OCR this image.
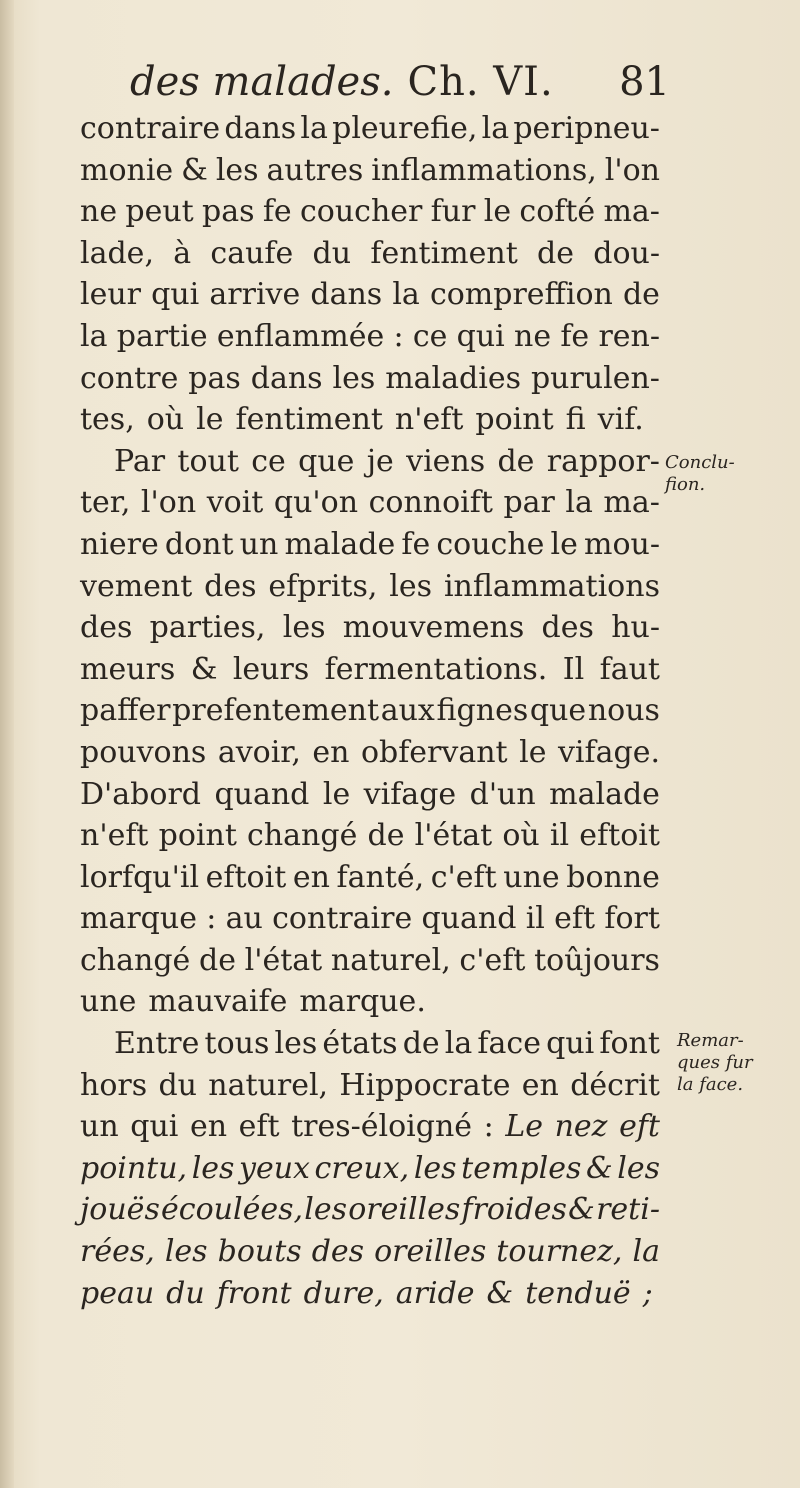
des malades. Ch. VI. 81
contraire dans la pleurefie, la peripneu-
monie & les autres inflammations, l'on
ne peut pas fe coucher fur le cofté ma-
lade, à caufe du fentiment de dou-
leur qui arrive dans la compreffion de
la partie enflammée : ce qui ne fe ren-
contre pas dans les maladies purulen-
tes, où le fentiment n'eft point fi vif.
Par tout ce que je viens de rappor-
ter, l'on voit qu'on connoift par la ma-
niere dont un malade fe couche le mou-
vement des efprits, les inflammations
des parties, les mouvemens des hu-
meurs & leurs fermentations. Il faut
paffer prefentement aux fignes que nous
pouvons avoir, en obfervant le vifage.
D'abord quand le vifage d'un malade
n'eft point changé de l'état où il eftoit
lorfqu'il eftoit en fanté, c'eft une bonne
marque : au contraire quand il eft fort
changé de l'état naturel, c'eft toûjours
une mauvaife marque.
Entre tous les états de la face qui font
hors du naturel, Hippocrate en décrit
un qui en eft tres-éloigné : Le nez eft
pointu, les yeux creux, les temples & les
jouës écoulées, les oreilles froides & reti-
rées, les bouts des oreilles tournez, la
peau du front dure, aride & tenduë ;
Conclu-
fion.
Remar-
ques fur
la face.
